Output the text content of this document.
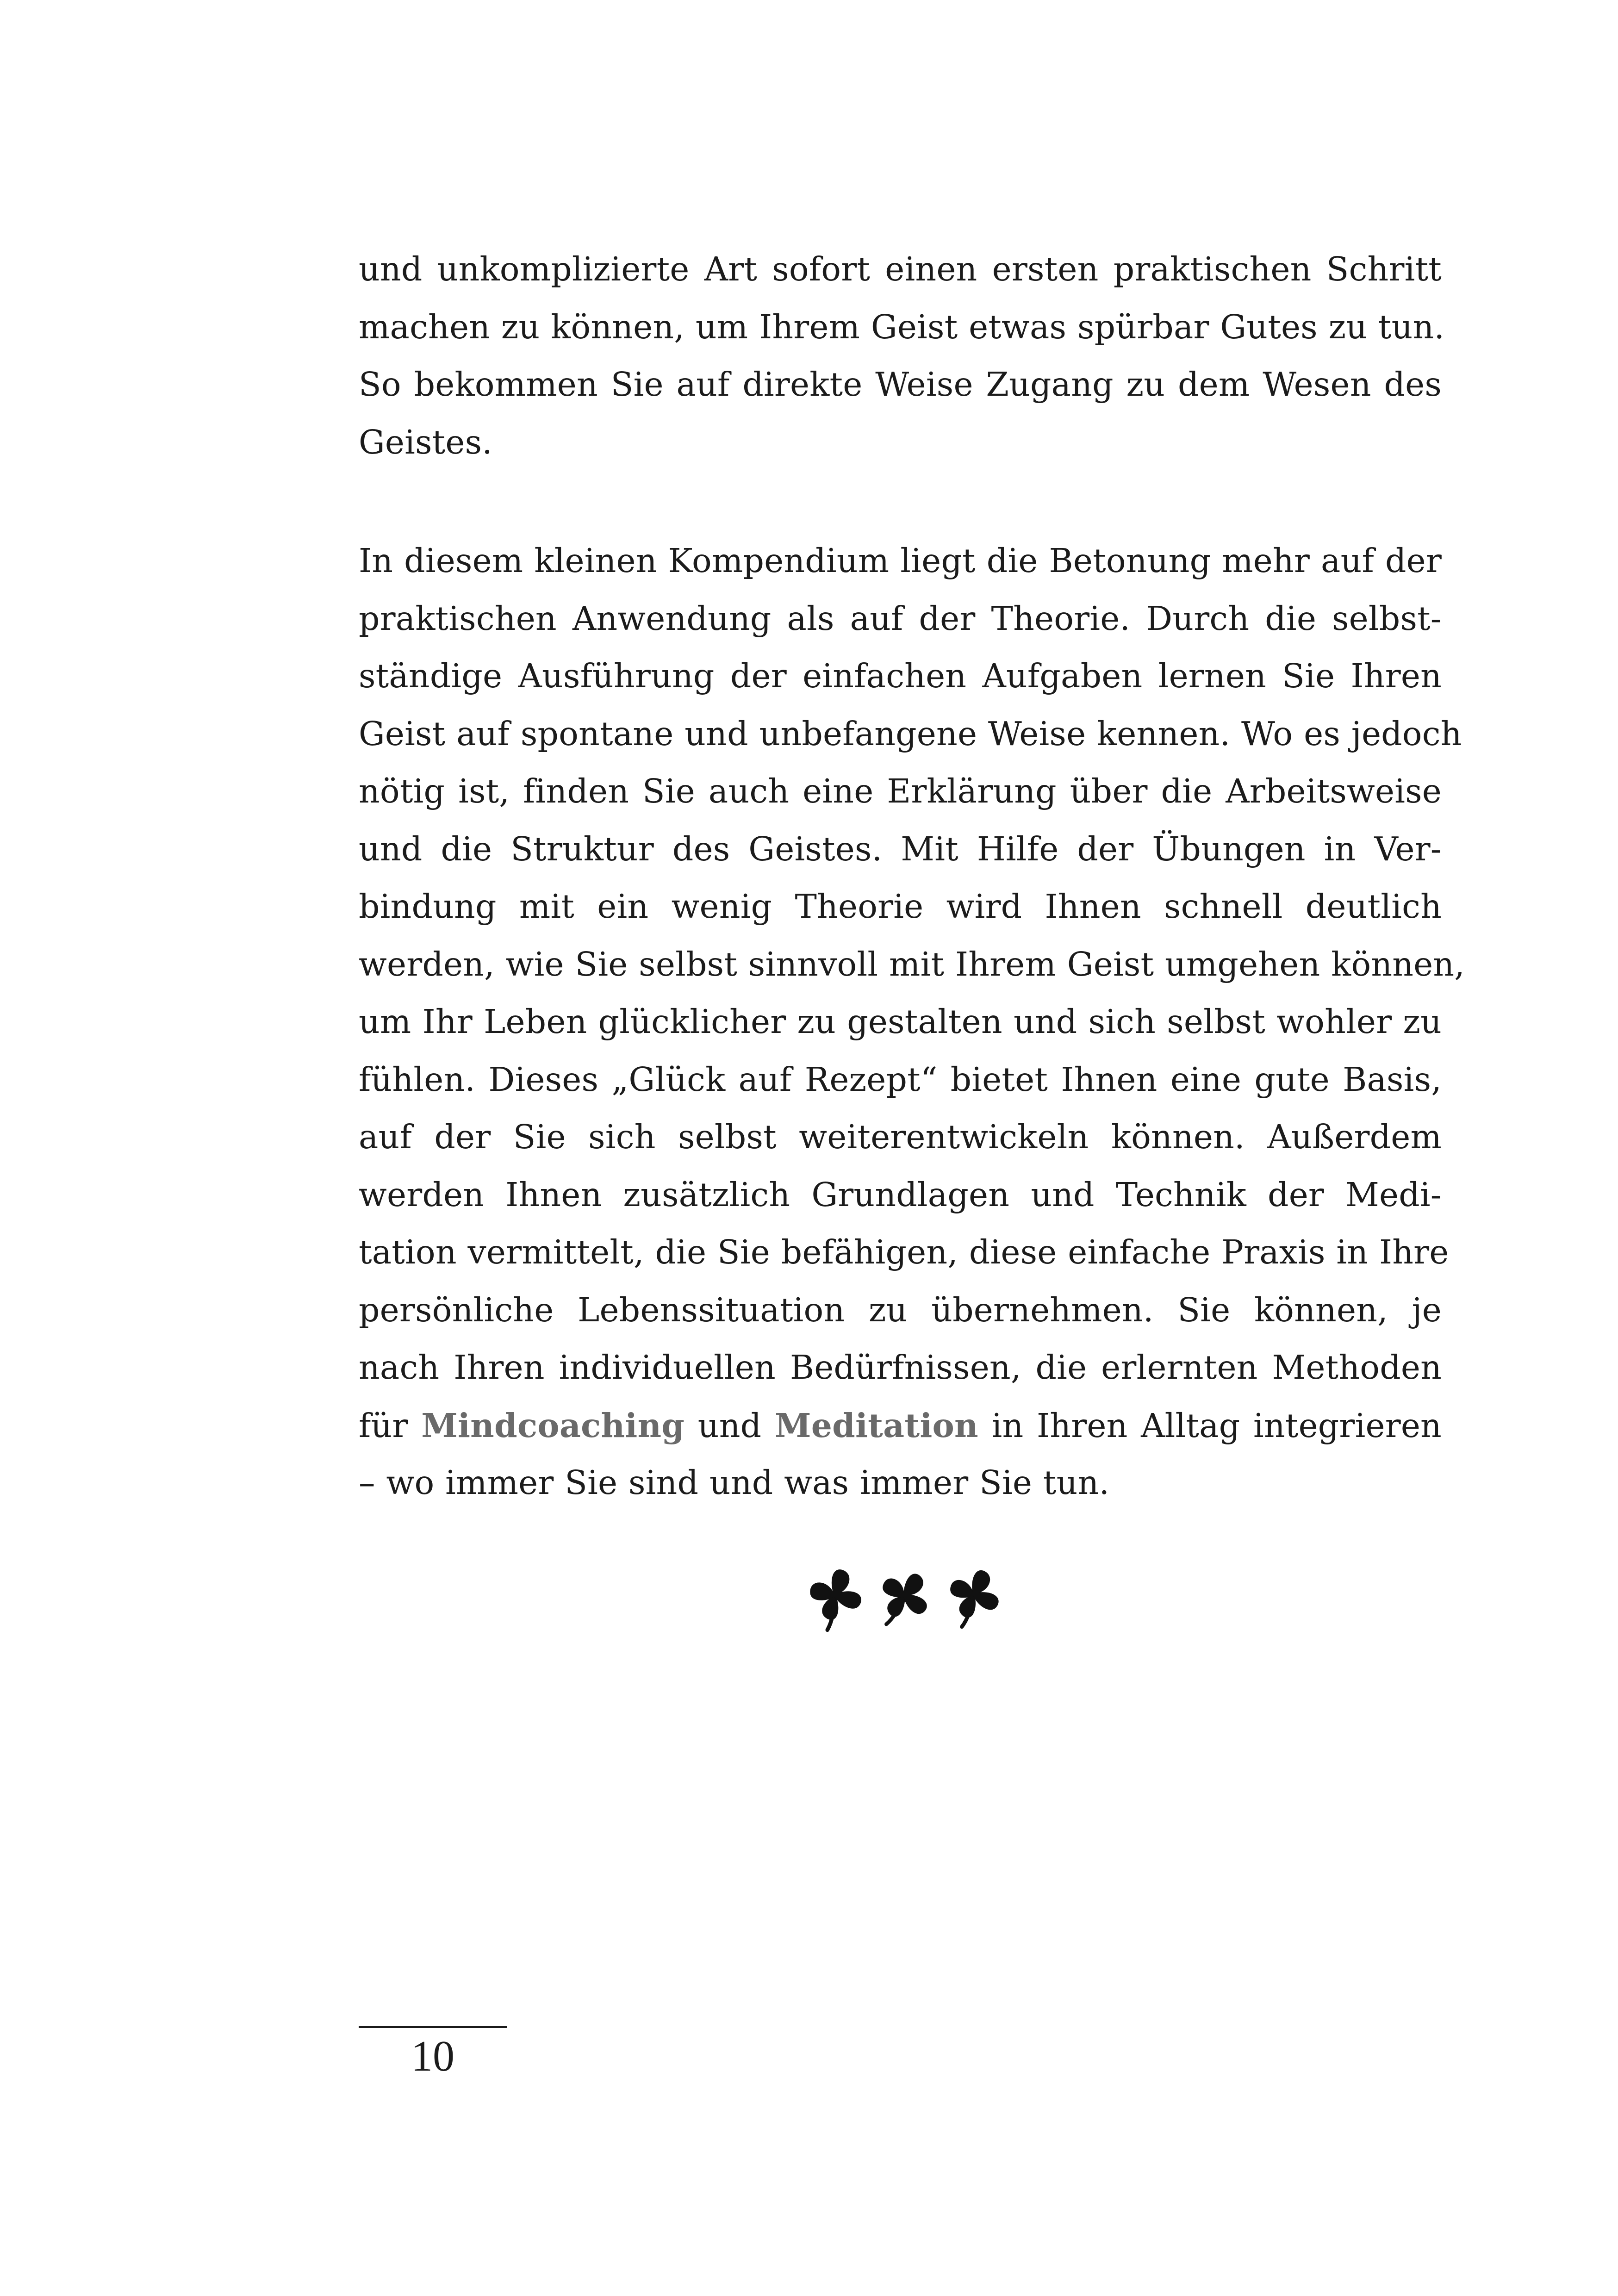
und unkomplizierte Art sofort einen ersten praktischen Schritt
machen zu können, um Ihrem Geist etwas spürbar Gutes zu tun.
So bekommen Sie auf direkte Weise Zugang zu dem Wesen des
Geistes.
In diesem kleinen Kompendium liegt die Betonung mehr auf der
praktischen Anwendung als auf der Theorie. Durch die selbst-
ständige Ausführung der einfachen Aufgaben lernen Sie Ihren
Geist auf spontane und unbefangene Weise kennen. Wo es jedoch
nötig ist, finden Sie auch eine Erklärung über die Arbeitsweise
und die Struktur des Geistes. Mit Hilfe der Übungen in Ver-
bindung mit ein wenig Theorie wird Ihnen schnell deutlich
werden, wie Sie selbst sinnvoll mit Ihrem Geist umgehen können,
um Ihr Leben glücklicher zu gestalten und sich selbst wohler zu
fühlen. Dieses „Glück auf Rezept“ bietet Ihnen eine gute Basis,
auf der Sie sich selbst weiterentwickeln können. Außerdem
werden Ihnen zusätzlich Grundlagen und Technik der Medi-
tation vermittelt, die Sie befähigen, diese einfache Praxis in Ihre
persönliche Lebenssituation zu übernehmen. Sie können, je
nach Ihren individuellen Bedürfnissen, die erlernten Methoden
für Mindcoaching und Meditation in Ihren Alltag integrieren
– wo immer Sie sind und was immer Sie tun.
10
